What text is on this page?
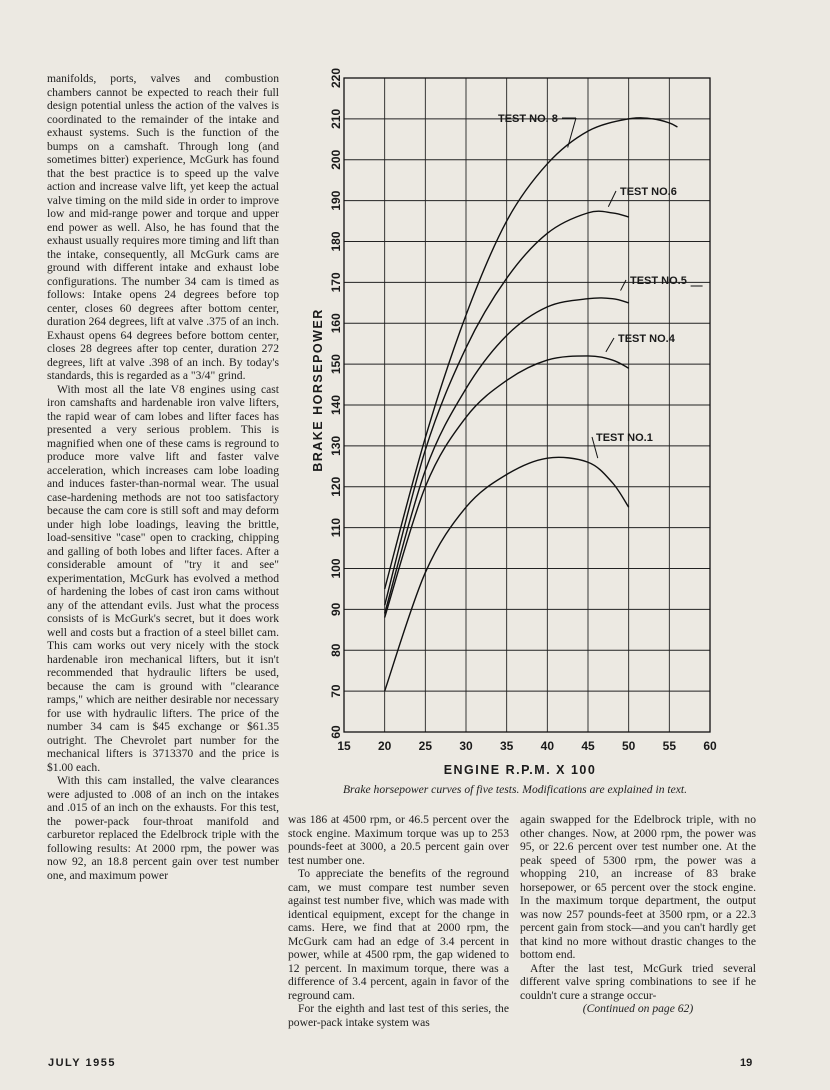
manifolds, ports, valves and combustion chambers cannot be expected to reach their full design potential unless the action of the valves is coordinated to the remainder of the intake and exhaust systems. Such is the function of the bumps on a camshaft. Through long (and sometimes bitter) experience, McGurk has found that the best practice is to speed up the valve action and increase valve lift, yet keep the actual valve timing on the mild side in order to improve low and mid-range power and torque and upper end power as well. Also, he has found that the exhaust usually requires more timing and lift than the intake, consequently, all McGurk cams are ground with different intake and exhaust lobe configurations. The number 34 cam is timed as follows: Intake opens 24 degrees before top center, closes 60 degrees after bottom center, duration 264 degrees, lift at valve .375 of an inch. Exhaust opens 64 degrees before bottom center, closes 28 degrees after top center, duration 272 degrees, lift at valve .398 of an inch. By today's standards, this is regarded as a "3/4" grind.

With most all the late V8 engines using cast iron camshafts and hardenable iron valve lifters, the rapid wear of cam lobes and lifter faces has presented a very serious problem. This is magnified when one of these cams is reground to produce more valve lift and faster valve acceleration, which increases cam lobe loading and induces faster-than-normal wear. The usual case-hardening methods are not too satisfactory because the cam core is still soft and may deform under high lobe loadings, leaving the brittle, load-sensitive "case" open to cracking, chipping and galling of both lobes and lifter faces. After a considerable amount of "try it and see" experimentation, McGurk has evolved a method of hardening the lobes of cast iron cams without any of the attendant evils. Just what the process consists of is McGurk's secret, but it does work well and costs but a fraction of a steel billet cam. This cam works out very nicely with the stock hardenable iron mechanical lifters, but it isn't recommended that hydraulic lifters be used, because the cam is ground with "clearance ramps," which are neither desirable nor necessary for use with hydraulic lifters. The price of the number 34 cam is $45 exchange or $61.35 outright. The Chevrolet part number for the mechanical lifters is 3713370 and the price is $1.00 each.

With this cam installed, the valve clearances were adjusted to .008 of an inch on the intakes and .015 of an inch on the exhausts. For this test, the power-pack four-throat manifold and carburetor replaced the Edelbrock triple with the following results: At 2000 rpm, the power was now 92, an 18.8 percent gain over test number one, and maximum power

60
70
80
90
100
110
120
130
140
150
160
170
180
190
200
210
220
15 20 25 30 35 40 45 50 55 60
TEST NO. 8
TEST NO.6
TEST NO.5
TEST NO.4
TEST NO.1
BRAKE HORSEPOWER
ENGINE R.P.M. X 100
Brake horsepower curves of five tests. Modifications are explained in text.

was 186 at 4500 rpm, or 46.5 percent over the stock engine. Maximum torque was up to 253 pounds-feet at 3000, a 20.5 percent gain over test number one.

To appreciate the benefits of the reground cam, we must compare test number seven against test number five, which was made with identical equipment, except for the change in cams. Here, we find that at 2000 rpm, the McGurk cam had an edge of 3.4 percent in power, while at 4500 rpm, the gap widened to 12 percent. In maximum torque, there was a difference of 3.4 percent, again in favor of the reground cam.

For the eighth and last test of this series, the power-pack intake system was

again swapped for the Edelbrock triple, with no other changes. Now, at 2000 rpm, the power was 95, or 22.6 percent over test number one. At the peak speed of 5300 rpm, the power was a whopping 210, an increase of 83 brake horsepower, or 65 percent over the stock engine. In the maximum torque department, the output was now 257 pounds-feet at 3500 rpm, or a 22.3 percent gain from stock—and you can't hardly get that kind no more without drastic changes to the bottom end.

After the last test, McGurk tried several different valve spring combinations to see if he couldn't cure a strange occur-

(Continued on page 62)

JULY 1955	19
